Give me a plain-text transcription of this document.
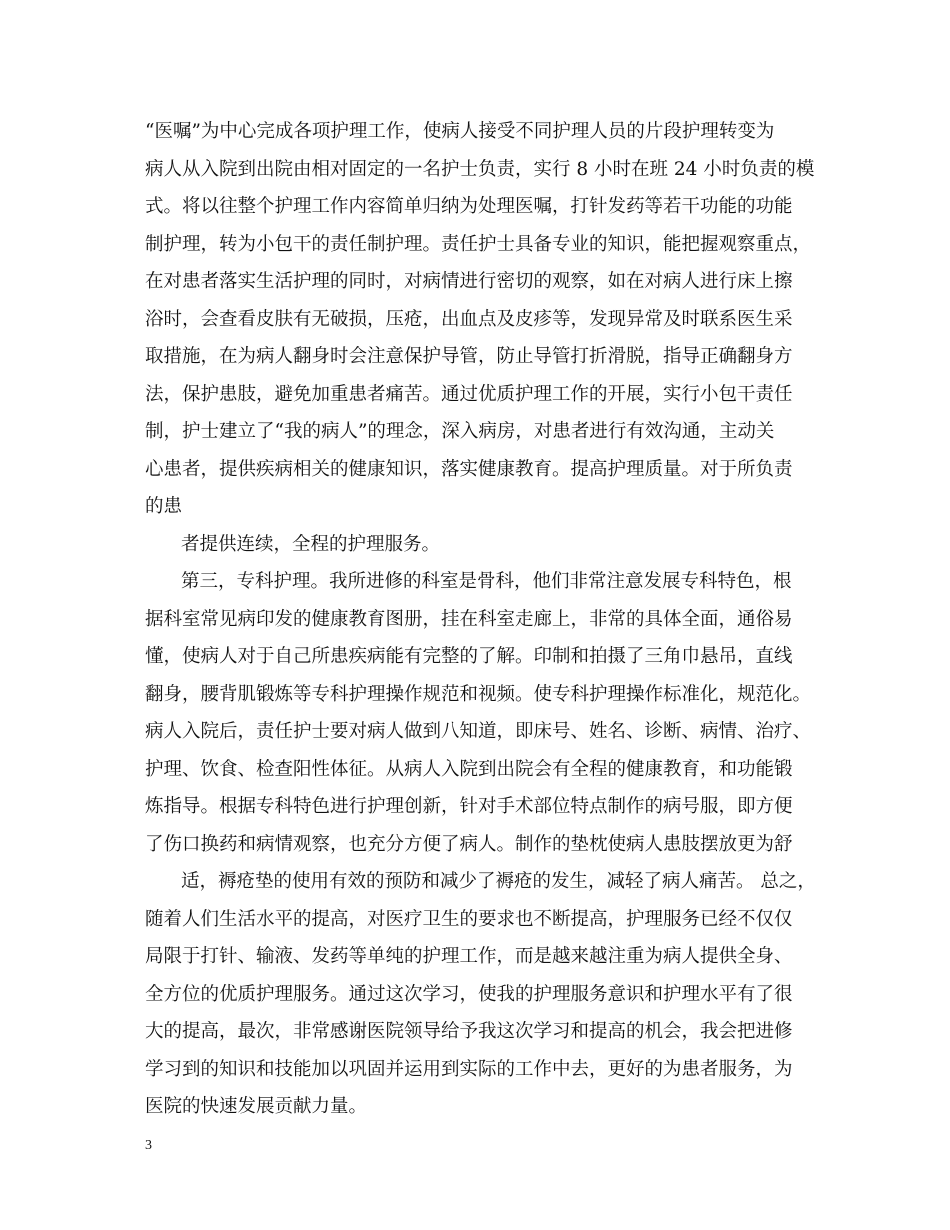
“医嘱”为中心完成各项护理工作，使病人接受不同护理人员的片段护理转变为
病人从入院到出院由相对固定的一名护士负责，实行 8 小时在班 24 小时负责的模
式。将以往整个护理工作内容简单归纳为处理医嘱，打针发药等若干功能的功能
制护理，转为小包干的责任制护理。责任护士具备专业的知识，能把握观察重点，
在对患者落实生活护理的同时，对病情进行密切的观察，如在对病人进行床上擦
浴时，会查看皮肤有无破损，压疮，出血点及皮疹等，发现异常及时联系医生采
取措施，在为病人翻身时会注意保护导管，防止导管打折滑脱，指导正确翻身方
法，保护患肢，避免加重患者痛苦。通过优质护理工作的开展，实行小包干责任
制，护士建立了“我的病人”的理念，深入病房，对患者进行有效沟通，主动关
心患者，提供疾病相关的健康知识，落实健康教育。提高护理质量。对于所负责
的患
者提供连续，全程的护理服务。
第三，专科护理。我所进修的科室是骨科，他们非常注意发展专科特色，根
据科室常见病印发的健康教育图册，挂在科室走廊上，非常的具体全面，通俗易
懂，使病人对于自己所患疾病能有完整的了解。印制和拍摄了三角巾悬吊，直线
翻身，腰背肌锻炼等专科护理操作规范和视频。使专科护理操作标准化，规范化。
病人入院后，责任护士要对病人做到八知道，即床号、姓名、诊断、病情、治疗、
护理、饮食、检查阳性体征。从病人入院到出院会有全程的健康教育，和功能锻
炼指导。根据专科特色进行护理创新，针对手术部位特点制作的病号服，即方便
了伤口换药和病情观察，也充分方便了病人。制作的垫枕使病人患肢摆放更为舒
适，褥疮垫的使用有效的预防和减少了褥疮的发生，减轻了病人痛苦。 总之，
随着人们生活水平的提高，对医疗卫生的要求也不断提高，护理服务已经不仅仅
局限于打针、输液、发药等单纯的护理工作，而是越来越注重为病人提供全身、
全方位的优质护理服务。通过这次学习，使我的护理服务意识和护理水平有了很
大的提高，最次，非常感谢医院领导给予我这次学习和提高的机会，我会把进修
学习到的知识和技能加以巩固并运用到实际的工作中去，更好的为患者服务，为
医院的快速发展贡献力量。
3
